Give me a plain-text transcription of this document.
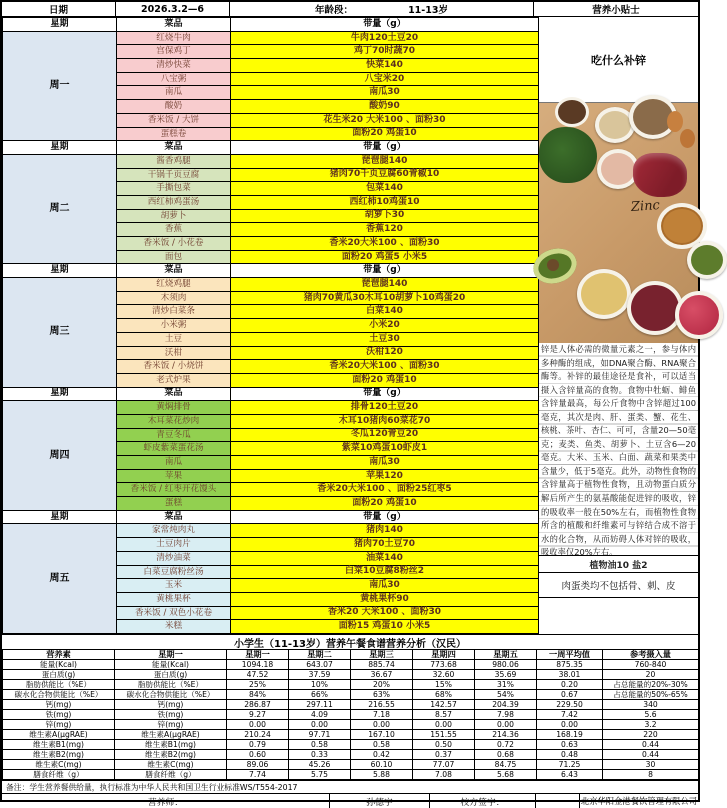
日期	2026.3.2—6	年龄段：	11-13岁	营养小贴士
星期	菜品	带量（g）
周一	红烧牛肉	牛肉120土豆20
	宫保鸡丁	鸡丁70时蔬70
	清炒快菜	快菜140
	八宝粥	八宝米20
	南瓜	南瓜30
	酸奶	酸奶90
	香米饭 / 大饼	花生米20 大米100 、面粉30
	蛋糕卷	面粉20 鸡蛋10
星期	菜品	带量（g）
周二	酱香鸡腿	琵琶腿140
	干锅千页豆腐	猪肉70千页豆腐60青椒10
	手撕包菜	包菜140
	西红柿鸡蛋汤	西红柿10鸡蛋10
	胡萝卜	胡萝卜30
	香蕉	香蕉120
	香米饭 / 小花卷	香米20大米100 、面粉30
	面包	面粉20 鸡蛋5 小米5
星期	菜品	带量（g）
周三	红烧鸡腿	琵琶腿140
	木须肉	猪肉70黄瓜30木耳10胡萝卜10鸡蛋20
	清炒白菜条	白菜140
	小米粥	小米20
	土豆	土豆30
	沃柑	沃柑120
	香米饭 / 小烧饼	香米20大米100 、面粉30
	老式炉果	面粉20 鸡蛋10
星期	菜品	带量（g）
周四	黄焖排骨	排骨120土豆20
	木耳菜花炒肉	木耳10猪肉60菜花70
	青豆冬瓜	冬瓜120青豆20
	虾皮紫菜蛋花汤	紫菜10鸡蛋10虾皮1
	南瓜	南瓜30
	苹果	苹果120
	香米饭 / 红枣开花馒头	香米20大米100 、面粉25红枣5
	蛋糕	面粉20 鸡蛋10
星期	菜品	带量（g）
周五	家常炖肉丸	猪肉140
	土豆肉片	猪肉70土豆70
	清炒油菜	油菜140
	白菜豆腐粉丝汤	白菜10豆腐8粉丝2
	玉米	南瓜30
	黄桃果杯	黄桃果杯90
	香米饭 / 双色小花卷	香米20 大米100 、面粉30
	米糕	面粉15 鸡蛋10 小米5
吃什么补锌
Zinc
锌是人体必需的微量元素之一，参与体内多种酶的组成，如DNA聚合酶、RNA聚合酶等。补锌的最佳途径是食补，可以适当摄入含锌量高的食物。食物中牡蛎、鲱鱼含锌量最高，每公斤食物中含锌超过100毫克，其次是肉、肝、蛋类、蟹、花生、核桃、茶叶、杏仁、可可，含量20—50毫克；麦类、鱼类、胡萝卜、土豆含6—20毫克。大米、玉米、白面、蔬菜和果类中含量少，低于5毫克。此外，动物性食物的含锌量高于植物性食物，且动物蛋白质分解后所产生的氨基酸能促进锌的吸收，锌的吸收率一般在50%左右，而植物性食物所含的植酸和纤维素可与锌结合成不溶于水的化合物，从而妨碍人体对锌的吸收，吸收率仅20%左右。
植物油10 盐2
肉蛋类均不包括骨、刺、皮
小学生（11-13岁）营养午餐食谱营养分析（汉民）
营养素	星期一	星期一	星期二	星期三	星期四	星期五	一周平均值	参考摄入量
能量(Kcal)	能量(Kcal)	1094.18	643.07	885.74	773.68	980.06	875.35	760-840
蛋白质(g)	蛋白质(g)	47.52	37.59	36.67	32.60	35.69	38.01	20
脂肪供能比（%E）	脂肪供能比（%E）	25%	10%	20%	15%	31%	0.20	占总能量的20%-30%
碳水化合物供能比（%E）	碳水化合物供能比（%E）	84%	66%	63%	68%	54%	0.67	占总能量的50%-65%
钙(mg)	钙(mg)	286.87	297.11	216.55	142.57	204.39	229.50	340
铁(mg)	铁(mg)	9.27	4.09	7.18	8.57	7.98	7.42	5.6
锌(mg)	锌(mg)	0.00	0.00	0.00	0.00	0.00	0.00	3.2
维生素A(μgRAE)	维生素A(μgRAE)	210.24	97.71	167.10	151.55	214.36	168.19	220
维生素B1(mg)	维生素B1(mg)	0.79	0.58	0.58	0.50	0.72	0.63	0.44
维生素B2(mg)	维生素B2(mg)	0.60	0.33	0.42	0.37	0.68	0.48	0.44
维生素C(mg)	维生素C(mg)	89.06	45.26	60.10	77.07	84.75	71.25	30
膳食纤维（g）	膳食纤维（g）	7.74	5.75	5.88	7.08	5.68	6.43	8
备注：学生营养餐供给量，执行标准为中华人民共和国卫生行业标准WS/T554-2017
营养师：	孙德宇	校方签字：	北京华阳金港餐饮管理有限公司
